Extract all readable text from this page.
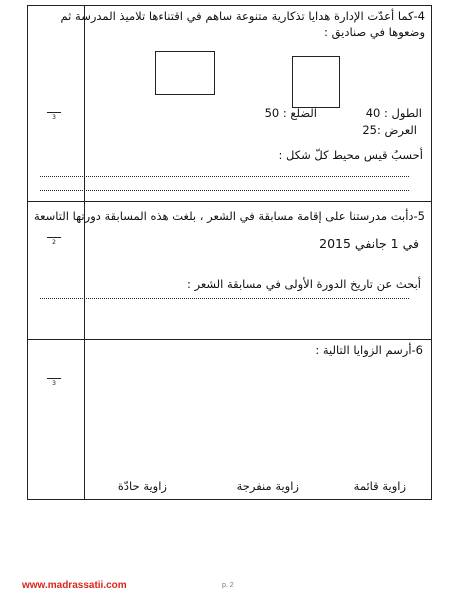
3
2
3
4-كما أعدّت الإدارة هدايا تذكارية متنوعة ساهم في اقتناءها تلاميذ المدرسة ثم
وضعوها في صناديق :
الضلع : 50	الطول : 40
العرض :25
أحسبُ قيس محيط كلّ شكل :
5-دأبت مدرستنا على إقامة مسابقة في الشعر ، بلغت هذه المسابقة دورتها التاسعة
في 1 جانفي 2015
أبحث عن تاريخ الدورة الأولى في مسابقة الشعر :
6-أرسم الزوايا التالية :
زاوية قائمة
زاوية منفرجة
زاوية حادّة
www.madrassatii.com	p. 2
